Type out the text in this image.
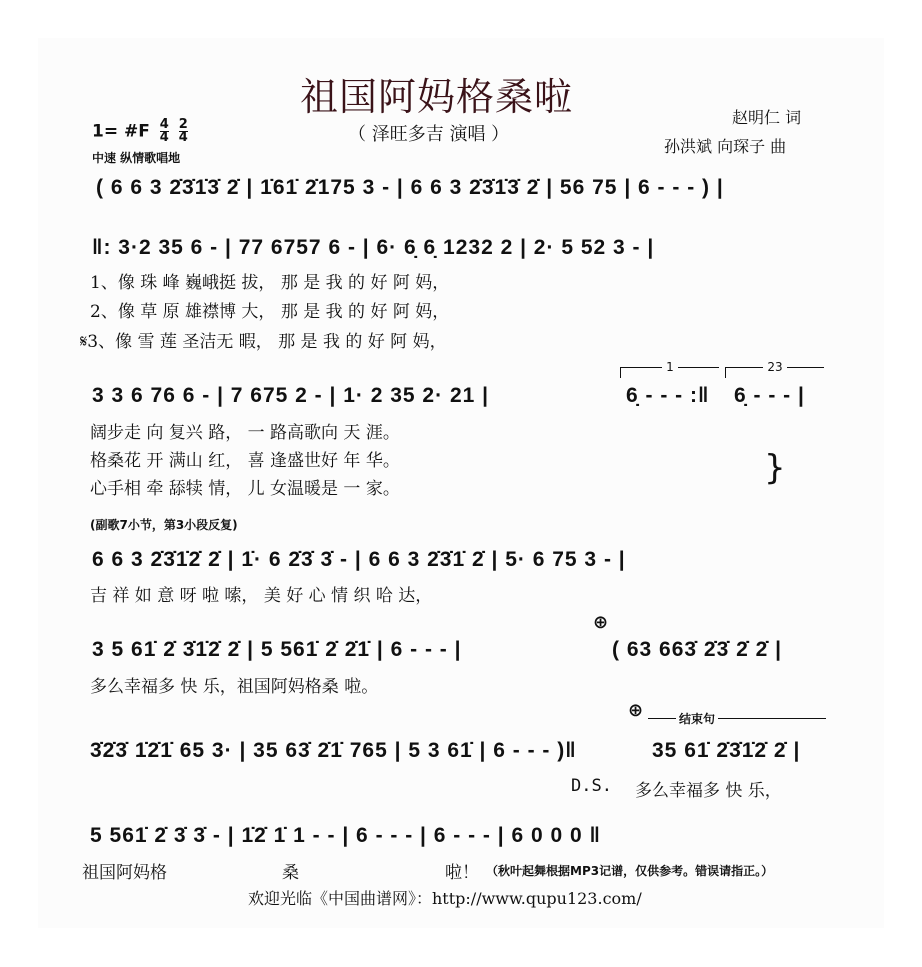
祖国阿妈格桑啦
（ 泽旺多吉 演唱 ）
赵明仁 词
孙洪斌 向琛子 曲
1= #F $\frac{4}{4} \frac{2}{4}$
中速 纵情歌唱地
( 6 6 3 2̇3̇1̇3̇ 2̇ | 1̇61̇ 2̇175 3 - | 6 6 3 2̇3̇1̇3̇ 2̇ | 56 75 | 6 - - - ) |
‖: 3·2 35 6 - | 77 6757 6 - | 6· 6̣ 6̣ 1232 2 | 2· 5 52 3 - |
1、像 珠 峰 巍峨挺 拔， 那 是 我 的 好 阿 妈，
2、像 草 原 雄襟博 大， 那 是 我 的 好 阿 妈，
𝄋3、像 雪 莲 圣洁无 暇， 那 是 我 的 好 阿 妈，
3 3 6 76 6 - | 7 675 2 - | 1· 2 35 2· 21 |
1	23
6̣ - - - :‖ 6̣ - - - |
阔步走 向 复兴 路， 一 路高歌向 天 涯。
格桑花 开 满山 红， 喜 逢盛世好 年 华。
心手相 牵 舔犊 情， 儿 女温暖是 一 家。
}
(副歌7小节，第3小段反复)
6 6 3 2̇3̇1̇2̇ 2̇ | 1̇· 6 2̇3̇ 3̇ - | 6 6 3 2̇3̇1̇ 2̇ | 5· 6 75 3 - |
吉 祥 如 意 呀 啦 嗦， 美 好 心 情 织 哈 达，
⊕
3 5 61̇ 2̇ 3̇1̇2̇ 2̇ | 5 561̇ 2̇ 2̇1̇ | 6 - - - |	( 63 663̇ 2̇3̇ 2̇ 2̇ |
多么幸福多 快 乐，祖国阿妈格桑 啦。
⊕	结束句
3̇2̇3̇ 1̇2̇1̇ 65 3· | 35 63̇ 2̇1̇ 765 | 5 3 61̇ | 6 - - - )‖	35 61̇ 2̇3̇1̇2̇ 2̇ |
D.S. 多么幸福多 快 乐，
5 561̇ 2̇ 3̇ 3̇ - | 1̇2̇ 1̇ 1 - - | 6 - - - | 6 - - - | 6 0 0 0 ‖
祖国阿妈格	桑	啦！ （秋叶起舞根据MP3记谱，仅供参考。错误请指正。）
欢迎光临《中国曲谱网》：http://www.qupu123.com/
